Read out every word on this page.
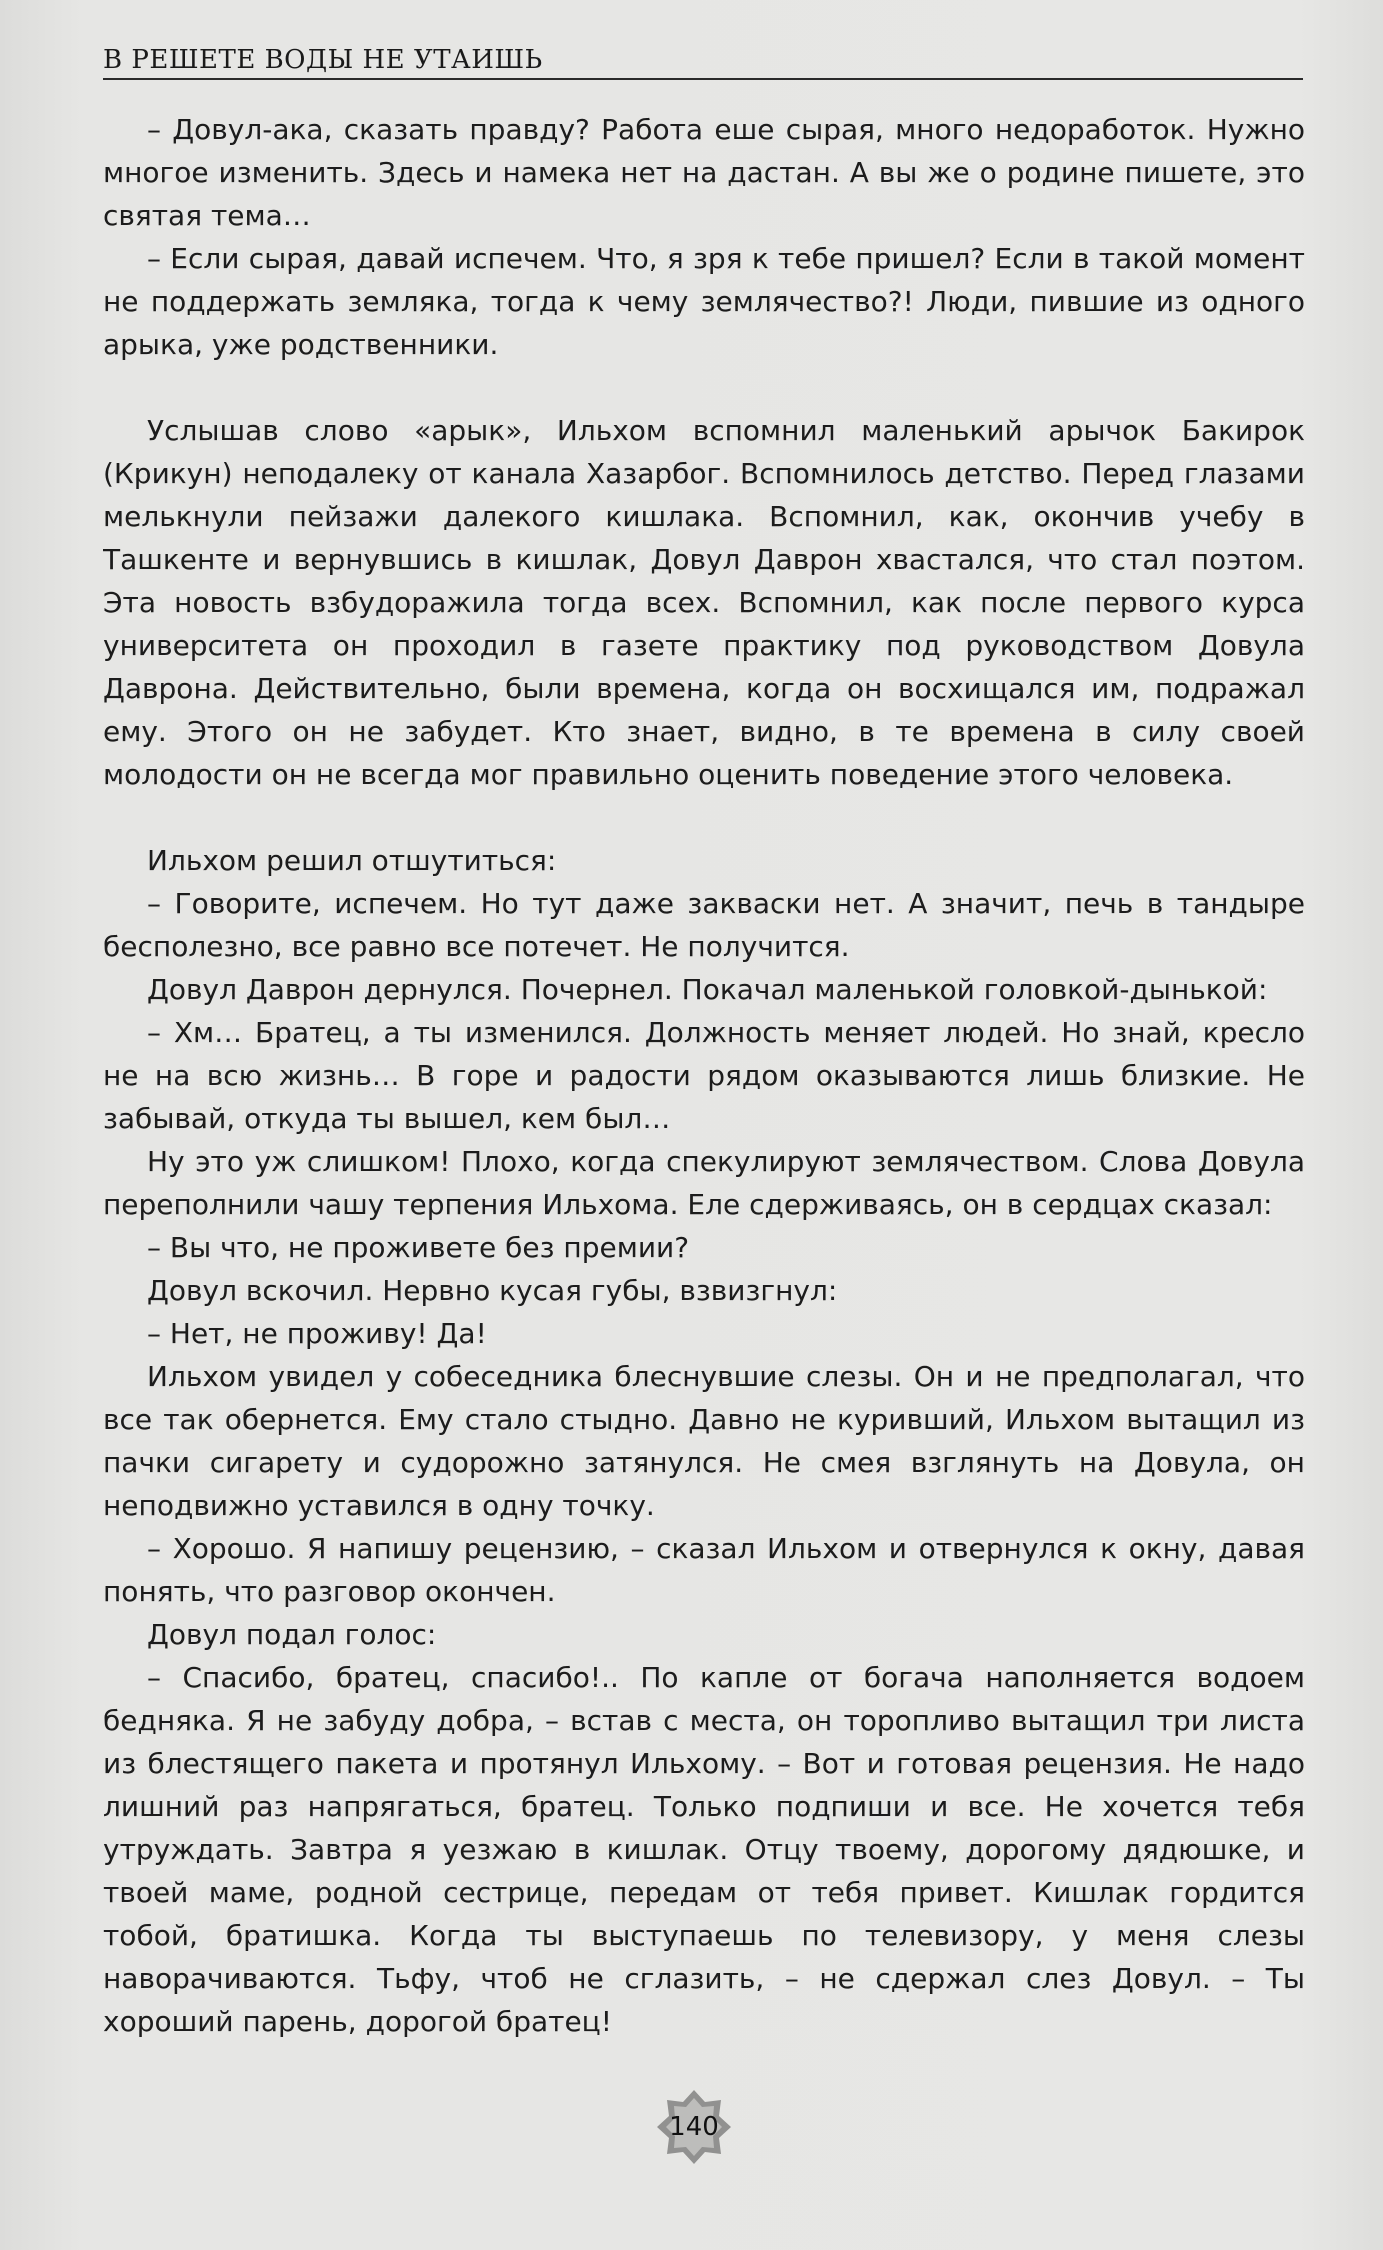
В РЕШЕТЕ ВОДЫ НЕ УТАИШЬ

– Довул-ака, сказать правду? Работа еше сырая, много недоработок. Нужно многое изменить. Здесь и намека нет на дастан. А вы же о родине пишете, это святая тема…

– Если сырая, давай испечем. Что, я зря к тебе пришел? Если в такой момент не поддержать земляка, тогда к чему землячество?! Люди, пившие из одного арыка, уже родственники.

Услышав слово «арык», Ильхом вспомнил маленький арычок Бакирок (Крикун) неподалеку от канала Хазарбог. Вспомнилось детство. Перед глазами мелькнули пейзажи далекого кишлака. Вспомнил, как, окончив учебу в Ташкенте и вернувшись в кишлак, Довул Даврон хвастался, что стал поэтом. Эта новость взбудоражила тогда всех. Вспомнил, как после первого курса университета он проходил в газете практику под руководством Довула Даврона. Действительно, были времена, когда он восхищался им, подражал ему. Этого он не забудет. Кто знает, видно, в те времена в силу своей молодости он не всегда мог правильно оценить поведение этого человека.

Ильхом решил отшутиться:

– Говорите, испечем. Но тут даже закваски нет. А значит, печь в тандыре бесполезно, все равно все потечет. Не получится.

Довул Даврон дернулся. Почернел. Покачал маленькой головкой-дынькой:

– Хм… Братец, а ты изменился. Должность меняет людей. Но знай, кресло не на всю жизнь… В горе и радости рядом оказываются лишь близкие. Не забывай, откуда ты вышел, кем был…

Ну это уж слишком! Плохо, когда спекулируют землячеством. Слова Довула переполнили чашу терпения Ильхома. Еле сдерживаясь, он в сердцах сказал:

– Вы что, не проживете без премии?

Довул вскочил. Нервно кусая губы, взвизгнул:

– Нет, не проживу! Да!

Ильхом увидел у собеседника блеснувшие слезы. Он и не предполагал, что все так обернется. Ему стало стыдно. Давно не куривший, Ильхом вытащил из пачки сигарету и судорожно затянулся. Не смея взглянуть на Довула, он неподвижно уставился в одну точку.

– Хорошо. Я напишу рецензию, – сказал Ильхом и отвернулся к окну, давая понять, что разговор окончен.

Довул подал голос:

– Спасибо, братец, спасибо!.. По капле от богача наполняется водоем бедняка. Я не забуду добра, – встав с места, он торопливо вытащил три листа из блестящего пакета и протянул Ильхому. – Вот и готовая рецензия. Не надо лишний раз напрягаться, братец. Только подпиши и все. Не хочется тебя утруждать. Завтра я уезжаю в кишлак. Отцу твоему, дорогому дядюшке, и твоей маме, родной сестрице, передам от тебя привет. Кишлак гордится тобой, братишка. Когда ты выступаешь по телевизору, у меня слезы наворачиваются. Тьфу, чтоб не сглазить, – не сдержал слез Довул. – Ты хороший парень, дорогой братец!

140
